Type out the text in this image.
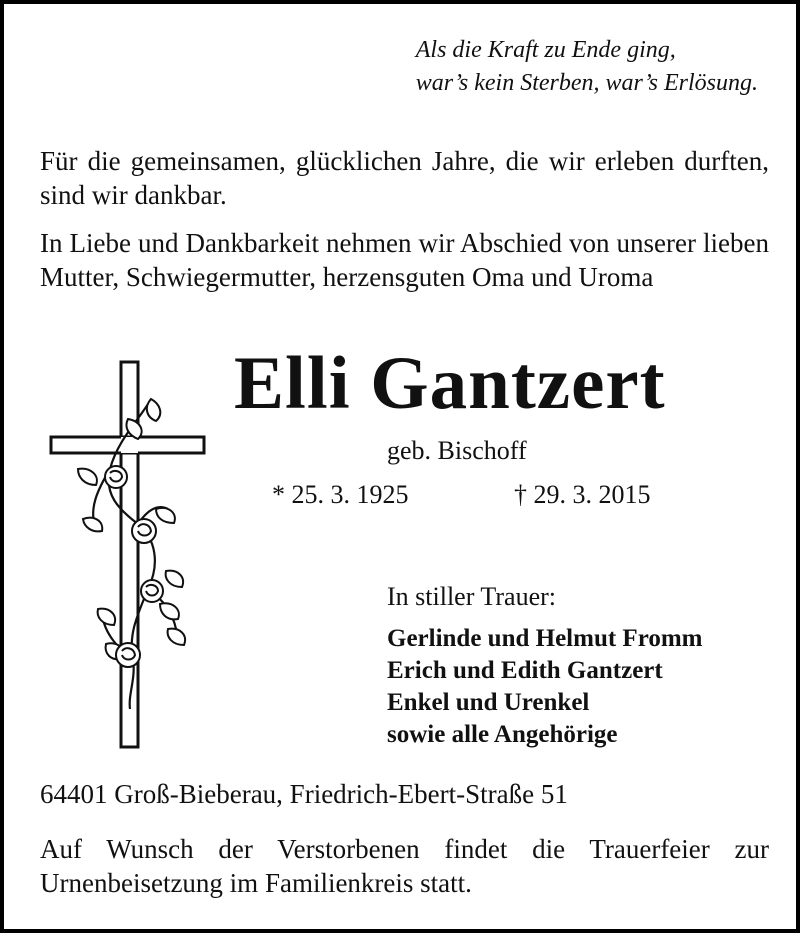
Als die Kraft zu Ende ging,
war’s kein Sterben, war’s Erlösung.

Für die gemeinsamen, glücklichen Jahre, die wir erleben durften, sind wir dankbar.

In Liebe und Dankbarkeit nehmen wir Abschied von unserer lieben Mutter, Schwiegermutter, herzensguten Oma und Uroma

Elli Gantzert
geb. Bischoff
* 25. 3. 1925	† 29. 3. 2015
In stiller Trauer:
Gerlinde und Helmut Fromm
Erich und Edith Gantzert
Enkel und Urenkel
sowie alle Angehörige
64401 Groß-Bieberau, Friedrich-Ebert-Straße 51

Auf Wunsch der Verstorbenen findet die Trauerfeier zur Urnenbeisetzung im Familienkreis statt.
